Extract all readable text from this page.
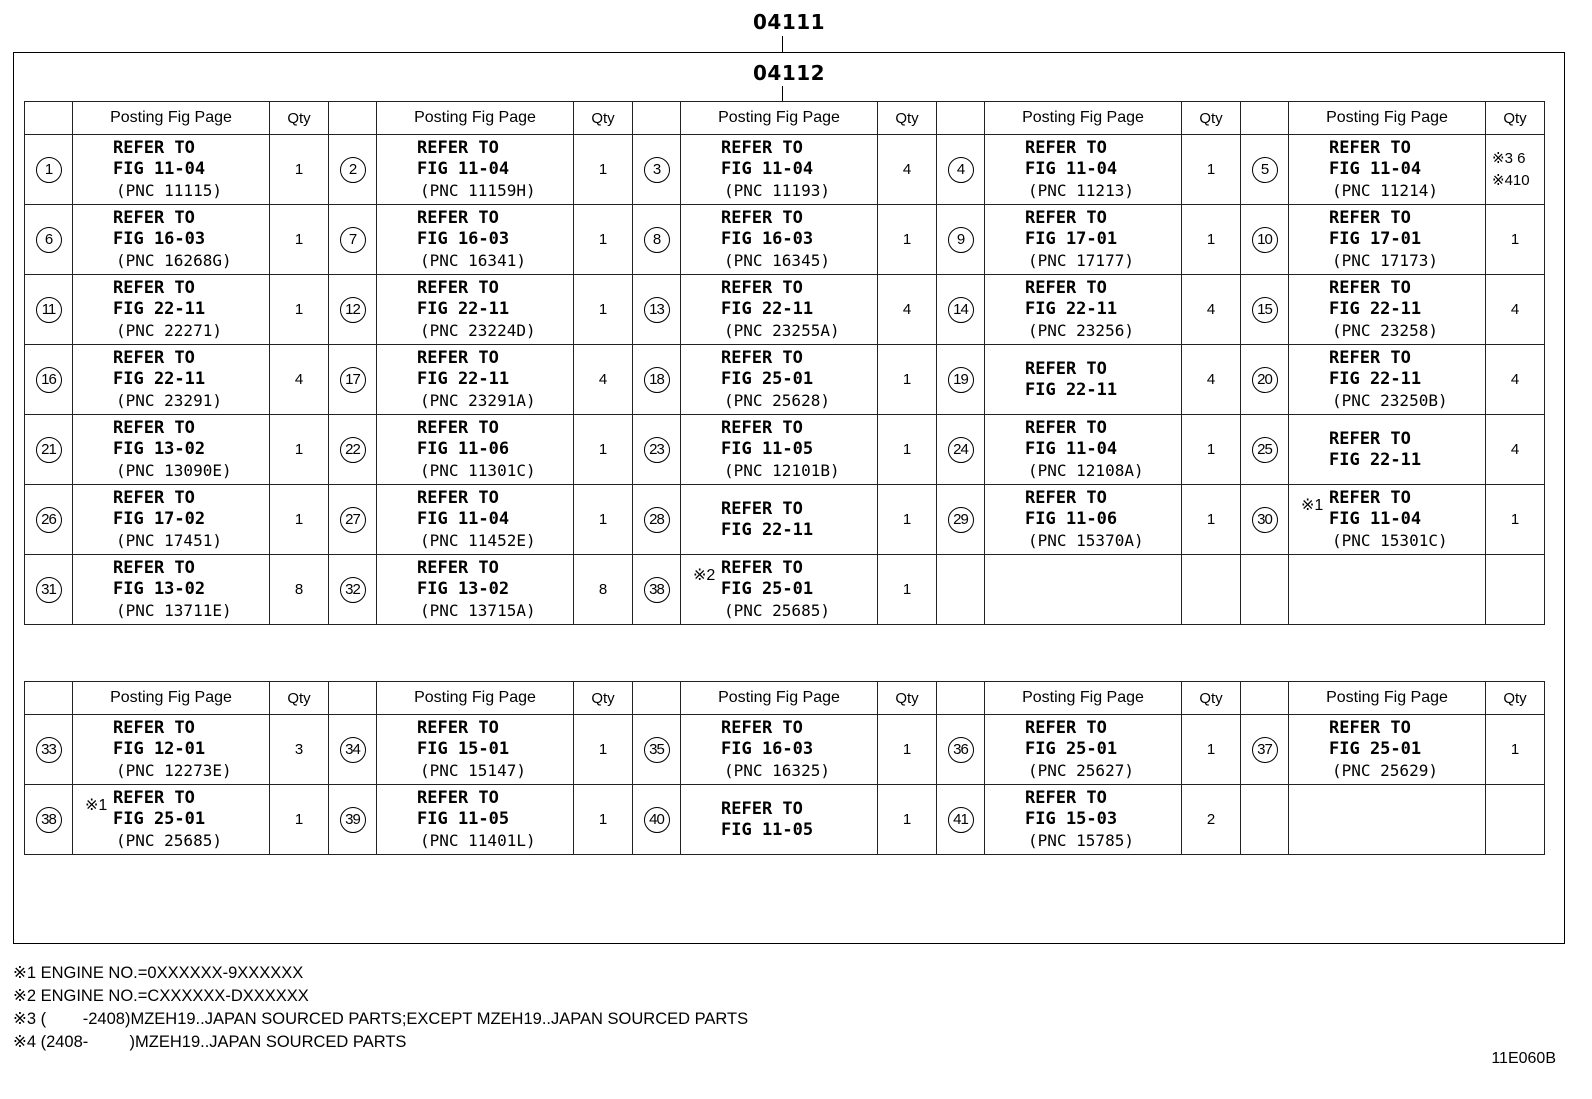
04111
04112
	Posting Fig Page	Qty		Posting Fig Page	Qty		Posting Fig Page	Qty		Posting Fig Page	Qty		Posting Fig Page	Qty
1	REFER TO
FIG 11-04
(PNC 11115)	1	2	REFER TO
FIG 11-04
(PNC 11159H)	1	3	REFER TO
FIG 11-04
(PNC 11193)	4	4	REFER TO
FIG 11-04
(PNC 11213)	1	5	REFER TO
FIG 11-04
(PNC 11214)	※3 6
※410

6	REFER TO
FIG 16-03
(PNC 16268G)	1	7	REFER TO
FIG 16-03
(PNC 16341)	1	8	REFER TO
FIG 16-03
(PNC 16345)	1	9	REFER TO
FIG 17-01
(PNC 17177)	1	10	REFER TO
FIG 17-01
(PNC 17173)	1
11	REFER TO
FIG 22-11
(PNC 22271)	1	12	REFER TO
FIG 22-11
(PNC 23224D)	1	13	REFER TO
FIG 22-11
(PNC 23255A)	4	14	REFER TO
FIG 22-11
(PNC 23256)	4	15	REFER TO
FIG 22-11
(PNC 23258)	4
16	REFER TO
FIG 22-11
(PNC 23291)	4	17	REFER TO
FIG 22-11
(PNC 23291A)	4	18	REFER TO
FIG 25-01
(PNC 25628)	1	19	REFER TO
FIG 22-11	4	20	REFER TO
FIG 22-11
(PNC 23250B)	4
21	REFER TO
FIG 13-02
(PNC 13090E)	1	22	REFER TO
FIG 11-06
(PNC 11301C)	1	23	REFER TO
FIG 11-05
(PNC 12101B)	1	24	REFER TO
FIG 11-04
(PNC 12108A)	1	25	REFER TO
FIG 22-11	4
26	REFER TO
FIG 17-02
(PNC 17451)	1	27	REFER TO
FIG 11-04
(PNC 11452E)	1	28	REFER TO
FIG 22-11	1	29	REFER TO
FIG 11-06
(PNC 15370A)	1	30	※1 REFER TO
FIG 11-04
(PNC 15301C)	1
31	REFER TO
FIG 13-02
(PNC 13711E)	8	32	REFER TO
FIG 13-02
(PNC 13715A)	8	38	※2 REFER TO
FIG 25-01
(PNC 25685)	1						
	Posting Fig Page	Qty		Posting Fig Page	Qty		Posting Fig Page	Qty		Posting Fig Page	Qty		Posting Fig Page	Qty
33	REFER TO
FIG 12-01
(PNC 12273E)	3	34	REFER TO
FIG 15-01
(PNC 15147)	1	35	REFER TO
FIG 16-03
(PNC 16325)	1	36	REFER TO
FIG 25-01
(PNC 25627)	1	37	REFER TO
FIG 25-01
(PNC 25629)	1
38	※1 REFER TO
FIG 25-01
(PNC 25685)	1	39	REFER TO
FIG 11-05
(PNC 11401L)	1	40	REFER TO
FIG 11-05	1	41	REFER TO
FIG 15-03
(PNC 15785)	2			
※1 ENGINE NO.=0XXXXXX-9XXXXXX
※2 ENGINE NO.=CXXXXXX-DXXXXXX
※3 (        -2408)MZEH19..JAPAN SOURCED PARTS;EXCEPT MZEH19..JAPAN SOURCED PARTS
※4 (2408-         )MZEH19..JAPAN SOURCED PARTS
11E060B
